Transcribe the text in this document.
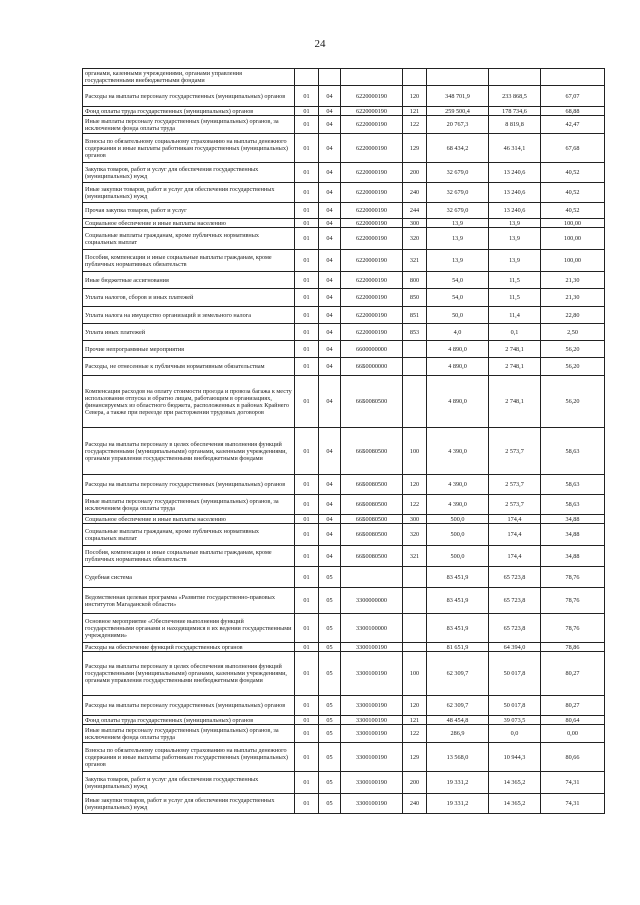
24
органами, казенными учреждениями, органами управления государственными внебюджетными фондами							
Расходы на выплаты персоналу государственных (муниципальных) органов	01	04	6220000190	120	348 701,9	233 868,5	67,07
Фонд оплаты труда государственных (муниципальных) органов	01	04	6220000190	121	259 500,4	178 734,6	68,88
Иные выплаты персоналу государственных (муниципальных) органов, за исключением фонда оплаты труда	01	04	6220000190	122	20 767,3	8 819,8	42,47
Взносы по обязательному социальному страхованию на выплаты денежного содержания и иные выплаты работникам государственных (муниципальных) органов	01	04	6220000190	129	68 434,2	46 314,1	67,68
Закупка товаров, работ и услуг для обеспечения государственных (муниципальных) нужд	01	04	6220000190	200	32 679,0	13 240,6	40,52
Иные закупки товаров, работ и услуг для обеспечения государственных (муниципальных) нужд	01	04	6220000190	240	32 679,0	13 240,6	40,52
Прочая закупка товаров, работ и услуг	01	04	6220000190	244	32 679,0	13 240,6	40,52
Социальное обеспечение и иные выплаты населению	01	04	6220000190	300	13,9	13,9	100,00
Социальные выплаты гражданам, кроме публичных нормативных социальных выплат	01	04	6220000190	320	13,9	13,9	100,00
Пособия, компенсации и иные социальные выплаты гражданам, кроме публичных нормативных обязательств	01	04	6220000190	321	13,9	13,9	100,00
Иные бюджетные ассигнования	01	04	6220000190	800	54,0	11,5	21,30
Уплата налогов, сборов и иных платежей	01	04	6220000190	850	54,0	11,5	21,30
Уплата налога на имущество организаций и земельного налога	01	04	6220000190	851	50,0	11,4	22,80
Уплата иных платежей	01	04	6220000190	853	4,0	0,1	2,50
Прочие непрограммные мероприятия	01	04	6600000000		4 890,0	2 748,1	56,20
Расходы, не отнесенные к публичным нормативным обязательствам	01	04	66Б0000000		4 890,0	2 748,1	56,20
Компенсация расходов на оплату стоимости проезда и провоза багажа к месту использования отпуска и обратно лицам, работающим в организациях, финансируемых из областного бюджета, расположенных в районах Крайнего Севера, а также при переезде при расторжении трудовых договоров	01	04	66Б0080500		4 890,0	2 748,1	56,20
Расходы на выплаты персоналу в целях обеспечения выполнения функций государственными (муниципальными) органами, казенными учреждениями, органами управления государственными внебюджетными фондами	01	04	66Б0080500	100	4 390,0	2 573,7	58,63
Расходы на выплаты персоналу государственных (муниципальных) органов	01	04	66Б0080500	120	4 390,0	2 573,7	58,63
Иные выплаты персоналу государственных (муниципальных) органов, за исключением фонда оплаты труда	01	04	66Б0080500	122	4 390,0	2 573,7	58,63
Социальное обеспечение и иные выплаты населению	01	04	66Б0080500	300	500,0	174,4	34,88
Социальные выплаты гражданам, кроме публичных нормативных социальных выплат	01	04	66Б0080500	320	500,0	174,4	34,88
Пособия, компенсации и иные социальные выплаты гражданам, кроме публичных нормативных обязательств	01	04	66Б0080500	321	500,0	174,4	34,88
Судебная система	01	05			83 451,9	65 723,8	78,76
Ведомственная целевая программа «Развитие государственно-правовых институтов Магаданской области»	01	05	3300000000		83 451,9	65 723,8	78,76
Основное мероприятие «Обеспечение выполнения функций государственными органами и находящимися в их ведении государственными учреждениями»	01	05	3300100000		83 451,9	65 723,8	78,76
Расходы на обеспечение функций государственных органов	01	05	3300100190		81 651,9	64 394,0	78,86
Расходы на выплаты персоналу в целях обеспечения выполнения функций государственными (муниципальными) органами, казенными учреждениями, органами управления государственными внебюджетными фондами	01	05	3300100190	100	62 309,7	50 017,8	80,27
Расходы на выплаты персоналу государственных (муниципальных) органов	01	05	3300100190	120	62 309,7	50 017,8	80,27
Фонд оплаты труда государственных (муниципальных) органов	01	05	3300100190	121	48 454,8	39 073,5	80,64
Иные выплаты персоналу государственных (муниципальных) органов, за исключением фонда оплаты труда	01	05	3300100190	122	286,9	0,0	0,00
Взносы по обязательному социальному страхованию на выплаты денежного содержания и иные выплаты работникам государственных (муниципальных) органов	01	05	3300100190	129	13 568,0	10 944,3	80,66
Закупка товаров, работ и услуг для обеспечения государственных (муниципальных) нужд	01	05	3300100190	200	19 331,2	14 365,2	74,31
Иные закупки товаров, работ и услуг для обеспечения государственных (муниципальных) нужд	01	05	3300100190	240	19 331,2	14 365,2	74,31
